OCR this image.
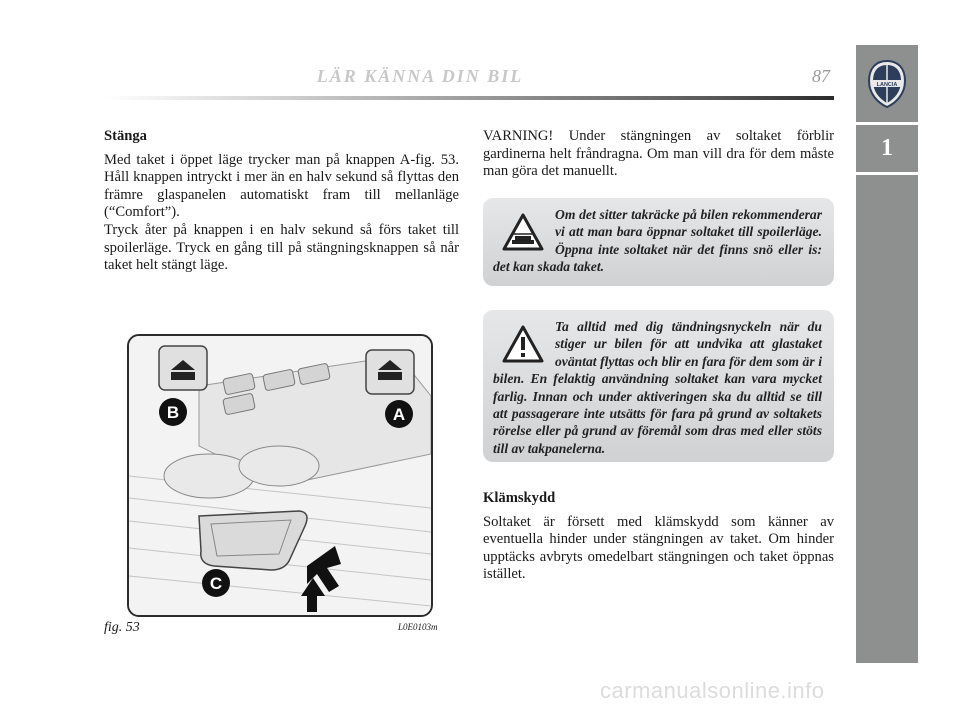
LÄR KÄNNA DIN BIL	87	LANCIA
1
Stänga

Med taket i öppet läge trycker man på knappen A-fig. 53. Håll knappen intryckt i mer än en halv sekund så flyttas den främre glaspanelen automatiskt fram till mellanläge (“Comfort”).

Tryck åter på knappen i en halv sekund så förs taket till spoilerläge. Tryck en gång till på stängningsknappen så når taket helt stängt läge.

VARNING! Under stängningen av soltaket förblir gardinerna helt fråndragna. Om man vill dra för dem måste man göra det manuellt.

Om det sitter takräcke på bilen rekommenderar vi att man bara öppnar soltaket till spoilerläge. Öppna inte soltaket när det finns snö eller is: det kan skada taket.
Ta alltid med dig tändningsnyckeln när du stiger ur bilen för att undvika att glastaket oväntat flyttas och blir en fara för dem som är i bilen. En felaktig användning soltaket kan vara mycket farlig. Innan och under aktiveringen ska du alltid se till att passagerare inte utsätts för fara på grund av soltakets rörelse eller på grund av föremål som dras med eller stöts till av takpanelerna.
Klämskydd

Soltaket är försett med klämskydd som känner av eventuella hinder under stängningen av taket. Om hinder upptäcks avbryts omedelbart stängningen och taket öppnas istället.

B	A
C
fig. 53	L0E0103m
carmanualsonline.info
